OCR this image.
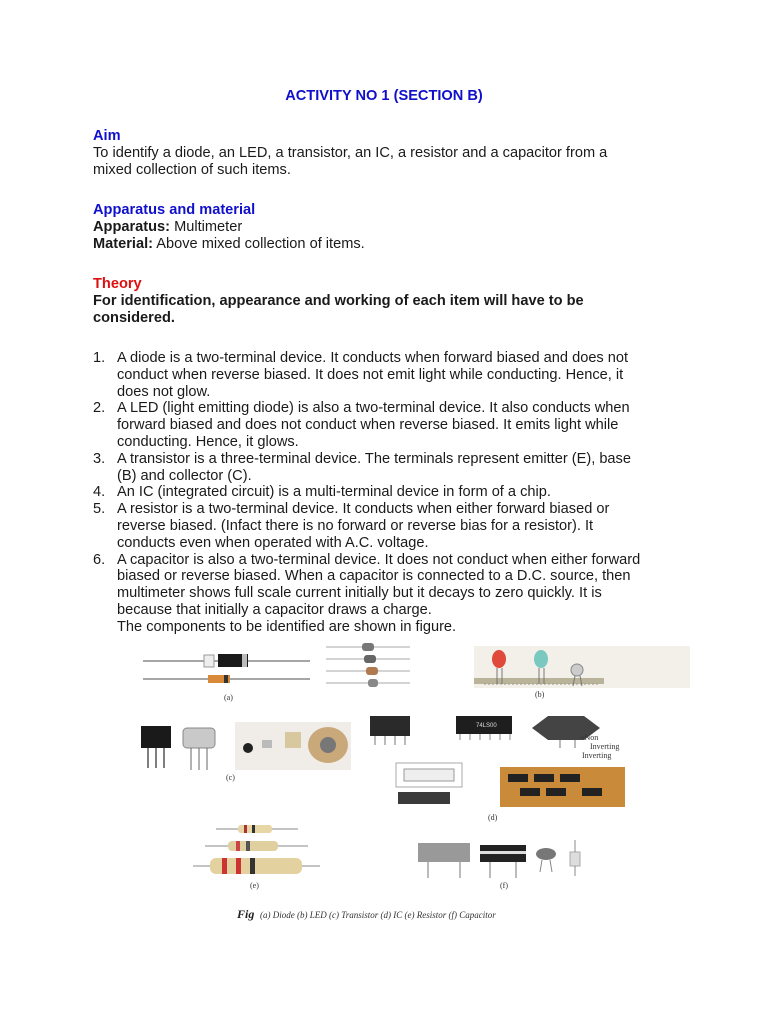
ACTIVITY NO 1 (SECTION B)
Aim
To identify a diode, an LED, a transistor, an IC, a resistor and a capacitor from a
mixed collection of such items.
Apparatus and material
Apparatus: Multimeter
Material: Above mixed collection of items.
Theory
For identification, appearance and working of each item will have to be
considered.
1. A diode is a two-terminal device. It conducts when forward biased and does not
conduct when reverse biased. It does not emit light while conducting. Hence, it
does not glow.
2. A LED (light emitting diode) is also a two-terminal device. It also conducts when
forward biased and does not conduct when reverse biased. It emits light while
conducting. Hence, it glows.
3. A transistor is a three-terminal device. The terminals represent emitter (E), base
(B) and collector (C).
4. An IC (integrated circuit) is a multi-terminal device in form of a chip.
5. A resistor is a two-terminal device. It conducts when either forward biased or
reverse biased. (Infact there is no forward or reverse bias for a resistor). It
conducts even when operated with A.C. voltage.
6. A capacitor is also a two-terminal device. It does not conduct when either forward
biased or reverse biased. When a capacitor is connected to a D.C. source, then
multimeter shows full scale current initially but it decays to zero quickly. It is
because that initially a capacitor draws a charge.
The components to be identified are shown in figure.
(a)	(b)
(c)
74LS00
+Non
Inverting
Inverting
(d)
(e)	(f)
Fig (a) Diode (b) LED (c) Transistor (d) IC (e) Resistor (f) Capacitor
